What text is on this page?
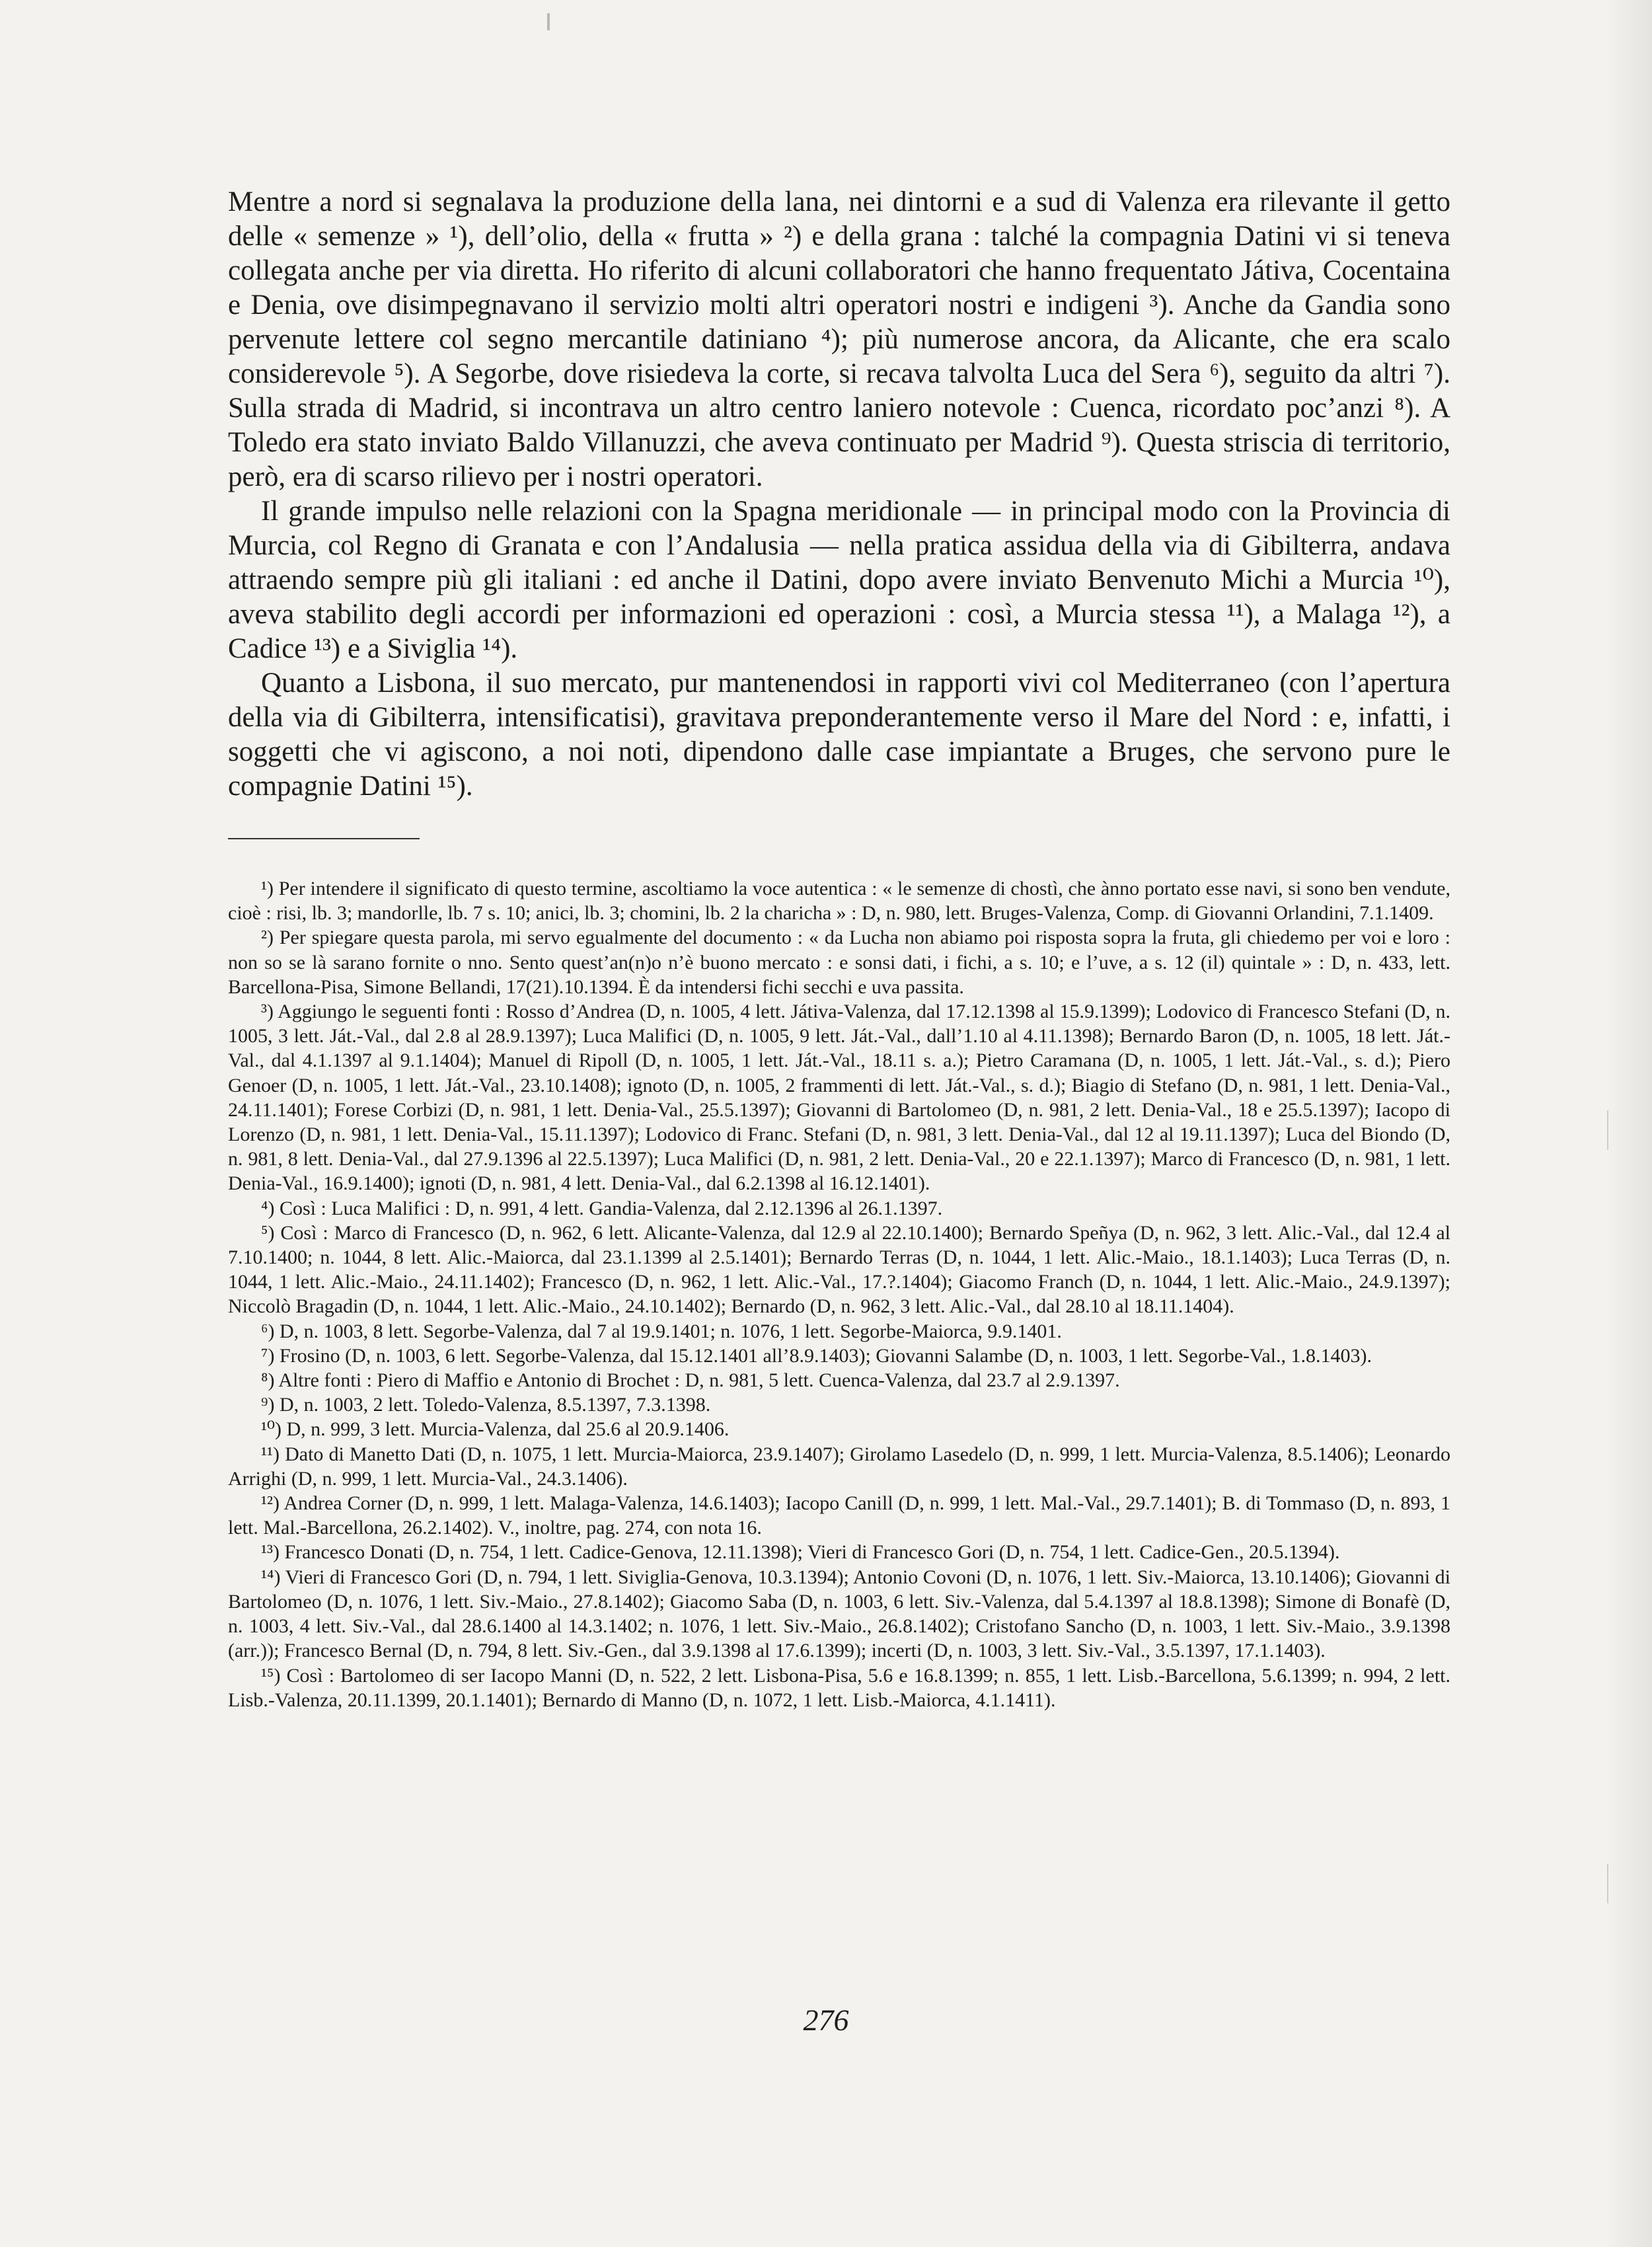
Mentre a nord si segnalava la produzione della lana, nei dintorni e a sud di Valenza era rilevante il getto delle « semenze » ¹), dell’olio, della « frutta » ²) e della grana : talché la compagnia Datini vi si teneva collegata anche per via diretta. Ho riferito di alcuni collaboratori che hanno frequentato Játiva, Cocentaina e Denia, ove disimpegnavano il servizio molti altri operatori nostri e indigeni ³). Anche da Gandia sono pervenute lettere col segno mercantile datiniano ⁴); più numerose ancora, da Alicante, che era scalo considerevole ⁵). A Segorbe, dove risiedeva la corte, si recava talvolta Luca del Sera ⁶), seguito da altri ⁷). Sulla strada di Madrid, si incontrava un altro centro laniero notevole : Cuenca, ricordato poc’anzi ⁸). A Toledo era stato inviato Baldo Villanuzzi, che aveva continuato per Madrid ⁹). Questa striscia di territorio, però, era di scarso rilievo per i nostri operatori.

Il grande impulso nelle relazioni con la Spagna meridionale — in principal modo con la Provincia di Murcia, col Regno di Granata e con l’Andalusia — nella pratica assidua della via di Gibilterra, andava attraendo sempre più gli italiani : ed anche il Datini, dopo avere inviato Benvenuto Michi a Murcia ¹⁰), aveva stabilito degli accordi per informazioni ed operazioni : così, a Murcia stessa ¹¹), a Malaga ¹²), a Cadice ¹³) e a Siviglia ¹⁴).

Quanto a Lisbona, il suo mercato, pur mantenendosi in rapporti vivi col Mediterraneo (con l’apertura della via di Gibilterra, intensificatisi), gravitava preponderantemente verso il Mare del Nord : e, infatti, i soggetti che vi agiscono, a noi noti, dipendono dalle case impiantate a Bruges, che servono pure le compagnie Datini ¹⁵).

¹) Per intendere il significato di questo termine, ascoltiamo la voce autentica : « le semenze di chostì, che ànno portato esse navi, si sono ben vendute, cioè : risi, lb. 3; mandorlle, lb. 7 s. 10; anici, lb. 3; chomini, lb. 2 la charicha » : D, n. 980, lett. Bruges-Valenza, Comp. di Giovanni Orlandini, 7.1.1409.

²) Per spiegare questa parola, mi servo egualmente del documento : « da Lucha non abiamo poi risposta sopra la fruta, gli chiedemo per voi e loro : non so se là sarano fornite o nno. Sento quest’an(n)o n’è buono mercato : e sonsi dati, i fichi, a s. 10; e l’uve, a s. 12 (il) quintale » : D, n. 433, lett. Barcellona-Pisa, Simone Bellandi, 17(21).10.1394. È da intendersi fichi secchi e uva passita.

³) Aggiungo le seguenti fonti : Rosso d’Andrea (D, n. 1005, 4 lett. Játiva-Valenza, dal 17.12.1398 al 15.9.1399); Lodovico di Francesco Stefani (D, n. 1005, 3 lett. Ját.-Val., dal 2.8 al 28.9.1397); Luca Malifici (D, n. 1005, 9 lett. Ját.-Val., dall’1.10 al 4.11.1398); Bernardo Baron (D, n. 1005, 18 lett. Ját.-Val., dal 4.1.1397 al 9.1.1404); Manuel di Ripoll (D, n. 1005, 1 lett. Ját.-Val., 18.11 s. a.); Pietro Caramana (D, n. 1005, 1 lett. Ját.-Val., s. d.); Piero Genoer (D, n. 1005, 1 lett. Ját.-Val., 23.10.1408); ignoto (D, n. 1005, 2 frammenti di lett. Ját.-Val., s. d.); Biagio di Stefano (D, n. 981, 1 lett. Denia-Val., 24.11.1401); Forese Corbizi (D, n. 981, 1 lett. Denia-Val., 25.5.1397); Giovanni di Bartolomeo (D, n. 981, 2 lett. Denia-Val., 18 e 25.5.1397); Iacopo di Lorenzo (D, n. 981, 1 lett. Denia-Val., 15.11.1397); Lodovico di Franc. Stefani (D, n. 981, 3 lett. Denia-Val., dal 12 al 19.11.1397); Luca del Biondo (D, n. 981, 8 lett. Denia-Val., dal 27.9.1396 al 22.5.1397); Luca Malifici (D, n. 981, 2 lett. Denia-Val., 20 e 22.1.1397); Marco di Francesco (D, n. 981, 1 lett. Denia-Val., 16.9.1400); ignoti (D, n. 981, 4 lett. Denia-Val., dal 6.2.1398 al 16.12.1401).

⁴) Così : Luca Malifici : D, n. 991, 4 lett. Gandia-Valenza, dal 2.12.1396 al 26.1.1397.

⁵) Così : Marco di Francesco (D, n. 962, 6 lett. Alicante-Valenza, dal 12.9 al 22.10.1400); Bernardo Speñya (D, n. 962, 3 lett. Alic.-Val., dal 12.4 al 7.10.1400; n. 1044, 8 lett. Alic.-Maiorca, dal 23.1.1399 al 2.5.1401); Bernardo Terras (D, n. 1044, 1 lett. Alic.-Maio., 18.1.1403); Luca Terras (D, n. 1044, 1 lett. Alic.-Maio., 24.11.1402); Francesco (D, n. 962, 1 lett. Alic.-Val., 17.?.1404); Giacomo Franch (D, n. 1044, 1 lett. Alic.-Maio., 24.9.1397); Niccolò Bragadin (D, n. 1044, 1 lett. Alic.-Maio., 24.10.1402); Bernardo (D, n. 962, 3 lett. Alic.-Val., dal 28.10 al 18.11.1404).

⁶) D, n. 1003, 8 lett. Segorbe-Valenza, dal 7 al 19.9.1401; n. 1076, 1 lett. Segorbe-Maiorca, 9.9.1401.

⁷) Frosino (D, n. 1003, 6 lett. Segorbe-Valenza, dal 15.12.1401 all’8.9.1403); Giovanni Salambe (D, n. 1003, 1 lett. Segorbe-Val., 1.8.1403).

⁸) Altre fonti : Piero di Maffio e Antonio di Brochet : D, n. 981, 5 lett. Cuenca-Valenza, dal 23.7 al 2.9.1397.

⁹) D, n. 1003, 2 lett. Toledo-Valenza, 8.5.1397, 7.3.1398.

¹⁰) D, n. 999, 3 lett. Murcia-Valenza, dal 25.6 al 20.9.1406.

¹¹) Dato di Manetto Dati (D, n. 1075, 1 lett. Murcia-Maiorca, 23.9.1407); Girolamo Lasedelo (D, n. 999, 1 lett. Murcia-Valenza, 8.5.1406); Leonardo Arrighi (D, n. 999, 1 lett. Murcia-Val., 24.3.1406).

¹²) Andrea Corner (D, n. 999, 1 lett. Malaga-Valenza, 14.6.1403); Iacopo Canill (D, n. 999, 1 lett. Mal.-Val., 29.7.1401); B. di Tommaso (D, n. 893, 1 lett. Mal.-Barcellona, 26.2.1402). V., inoltre, pag. 274, con nota 16.

¹³) Francesco Donati (D, n. 754, 1 lett. Cadice-Genova, 12.11.1398); Vieri di Francesco Gori (D, n. 754, 1 lett. Cadice-Gen., 20.5.1394).

¹⁴) Vieri di Francesco Gori (D, n. 794, 1 lett. Siviglia-Genova, 10.3.1394); Antonio Covoni (D, n. 1076, 1 lett. Siv.-Maiorca, 13.10.1406); Giovanni di Bartolomeo (D, n. 1076, 1 lett. Siv.-Maio., 27.8.1402); Giacomo Saba (D, n. 1003, 6 lett. Siv.-Valenza, dal 5.4.1397 al 18.8.1398); Simone di Bonafè (D, n. 1003, 4 lett. Siv.-Val., dal 28.6.1400 al 14.3.1402; n. 1076, 1 lett. Siv.-Maio., 26.8.1402); Cristofano Sancho (D, n. 1003, 1 lett. Siv.-Maio., 3.9.1398 (arr.)); Francesco Bernal (D, n. 794, 8 lett. Siv.-Gen., dal 3.9.1398 al 17.6.1399); incerti (D, n. 1003, 3 lett. Siv.-Val., 3.5.1397, 17.1.1403).

¹⁵) Così : Bartolomeo di ser Iacopo Manni (D, n. 522, 2 lett. Lisbona-Pisa, 5.6 e 16.8.1399; n. 855, 1 lett. Lisb.-Barcellona, 5.6.1399; n. 994, 2 lett. Lisb.-Valenza, 20.11.1399, 20.1.1401); Bernardo di Manno (D, n. 1072, 1 lett. Lisb.-Maiorca, 4.1.1411).

276
